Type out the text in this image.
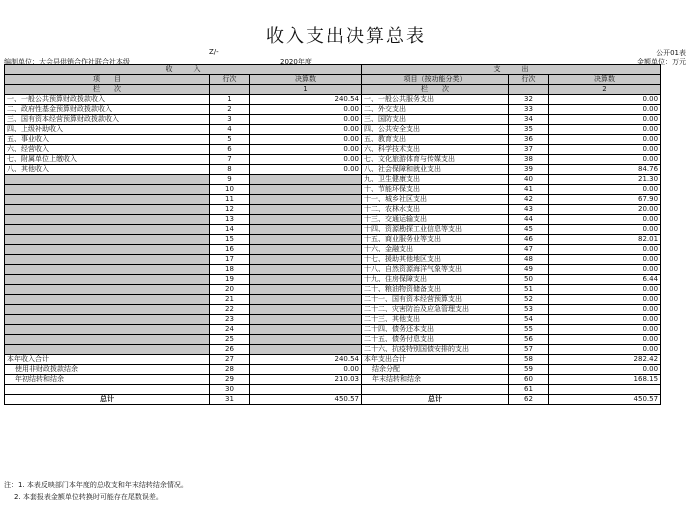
收入支出决算总表
Z/-	公开01表
编制单位：大会县供销合作社联合社本级	2020年度	金额单位：万元
收　　　入			支　　　出		
项　　目	行次	决算数	项目（按功能分类）	行次	决算数
栏　　次		1	栏　　次		2
一、一般公共预算财政拨款收入	1	240.54	一、一般公共服务支出	32	0.00
二、政府性基金预算财政拨款收入	2	0.00	二、外交支出	33	0.00
三、国有资本经营预算财政拨款收入	3	0.00	三、国防支出	34	0.00
四、上级补助收入	4	0.00	四、公共安全支出	35	0.00
五、事业收入	5	0.00	五、教育支出	36	0.00
六、经营收入	6	0.00	六、科学技术支出	37	0.00
七、附属单位上缴收入	7	0.00	七、文化旅游体育与传媒支出	38	0.00
八、其他收入	8	0.00	八、社会保障和就业支出	39	84.76
	9		九、卫生健康支出	40	21.30
	10		十、节能环保支出	41	0.00
	11		十一、城乡社区支出	42	67.90
	12		十二、农林水支出	43	20.00
	13		十三、交通运输支出	44	0.00
	14		十四、资源勘探工业信息等支出	45	0.00
	15		十五、商业服务业等支出	46	82.01
	16		十六、金融支出	47	0.00
	17		十七、援助其他地区支出	48	0.00
	18		十八、自然资源海洋气象等支出	49	0.00
	19		十九、住房保障支出	50	6.44
	20		二十、粮油物资储备支出	51	0.00
	21		二十一、国有资本经营预算支出	52	0.00
	22		二十二、灾害防治及应急管理支出	53	0.00
	23		二十三、其他支出	54	0.00
	24		二十四、债务还本支出	55	0.00
	25		二十五、债务付息支出	56	0.00
	26		二十六、抗疫特别国债安排的支出	57	0.00
本年收入合计	27	240.54	本年支出合计	58	282.42
使用非财政拨款结余	28	0.00	结余分配	59	0.00
年初结转和结余	29	210.03	年末结转和结余	60	168.15
	30			61	
总计	31	450.57	总计	62	450.57
注：1. 本表反映部门本年度的总收支和年末结转结余情况。
2. 本套报表金额单位转换时可能存在尾数误差。
